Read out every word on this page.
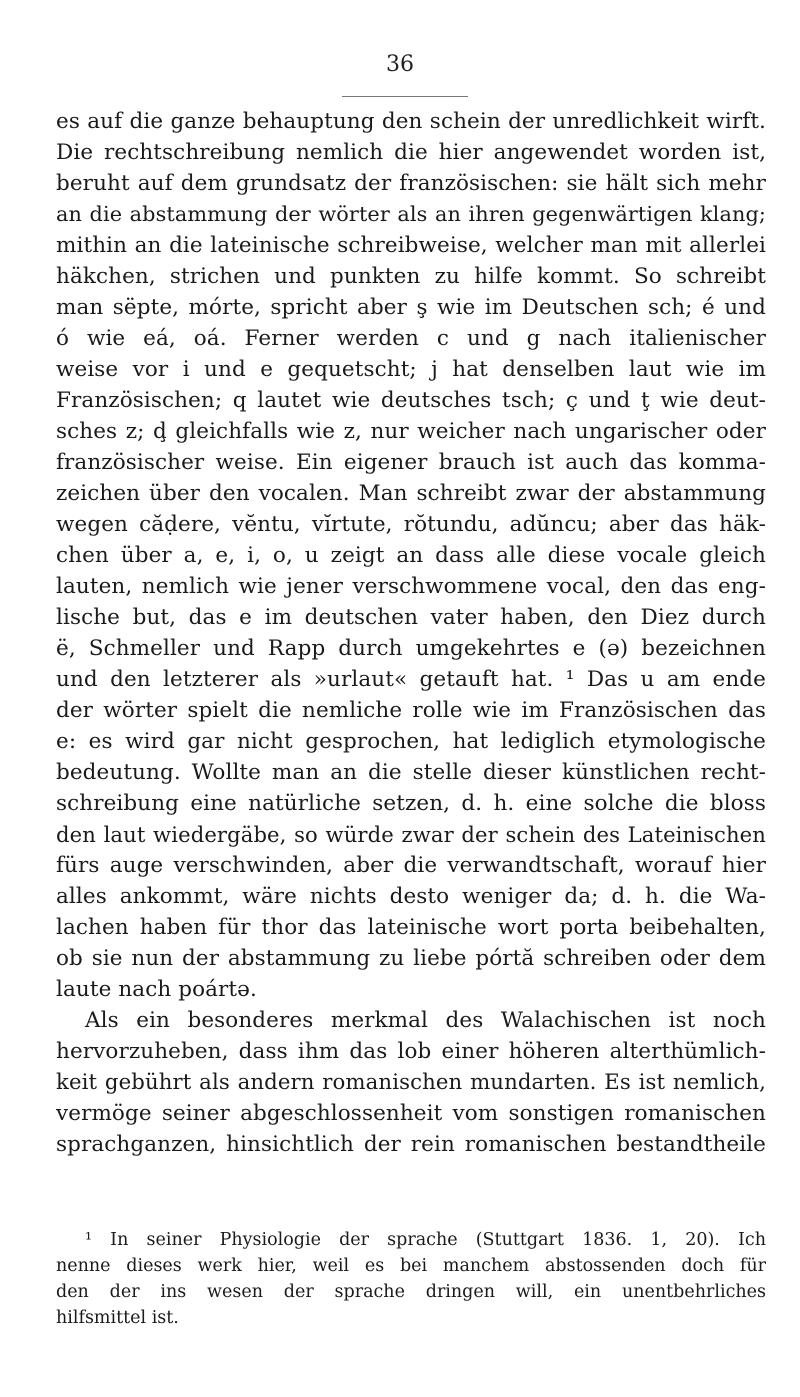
36
es auf die ganze behauptung den schein der unredlichkeit wirft.
Die rechtschreibung nemlich die hier angewendet worden ist,
beruht auf dem grundsatz der französischen: sie hält sich mehr
an die abstammung der wörter als an ihren gegenwärtigen klang;
mithin an die lateinische schreibweise, welcher man mit allerlei
häkchen, strichen und punkten zu hilfe kommt. So schreibt
man sëpte, mórte, spricht aber ş wie im Deutschen sch; é und
ó wie eá, oá. Ferner werden c und g nach italienischer
weise vor i und e gequetscht; j hat denselben laut wie im
Französischen; q lautet wie deutsches tsch; ç und ţ wie deut-
sches z; ḑ gleichfalls wie z, nur weicher nach ungarischer oder
französischer weise. Ein eigener brauch ist auch das komma-
zeichen über den vocalen. Man schreibt zwar der abstammung
wegen căḍere, vĕntu, vĭrtute, rŏtundu, adŭncu; aber das häk-
chen über a, e, i, o, u zeigt an dass alle diese vocale gleich
lauten, nemlich wie jener verschwommene vocal, den das eng-
lische but, das e im deutschen vater haben, den Diez durch
ë, Schmeller und Rapp durch umgekehrtes e (ə) bezeichnen
und den letzterer als »urlaut« getauft hat. ¹ Das u am ende
der wörter spielt die nemliche rolle wie im Französischen das
e: es wird gar nicht gesprochen, hat lediglich etymologische
bedeutung. Wollte man an die stelle dieser künstlichen recht-
schreibung eine natürliche setzen, d. h. eine solche die bloss
den laut wiedergäbe, so würde zwar der schein des Lateinischen
fürs auge verschwinden, aber die verwandtschaft, worauf hier
alles ankommt, wäre nichts desto weniger da; d. h. die Wa-
lachen haben für thor das lateinische wort porta beibehalten,
ob sie nun der abstammung zu liebe pórtă schreiben oder dem
laute nach poártə.
Als ein besonderes merkmal des Walachischen ist noch
hervorzuheben, dass ihm das lob einer höheren alterthümlich-
keit gebührt als andern romanischen mundarten. Es ist nemlich,
vermöge seiner abgeschlossenheit vom sonstigen romanischen
sprachganzen, hinsichtlich der rein romanischen bestandtheile
¹ In seiner Physiologie der sprache (Stuttgart 1836. 1, 20). Ich
nenne dieses werk hier, weil es bei manchem abstossenden doch für
den der ins wesen der sprache dringen will, ein unentbehrliches
hilfsmittel ist.
